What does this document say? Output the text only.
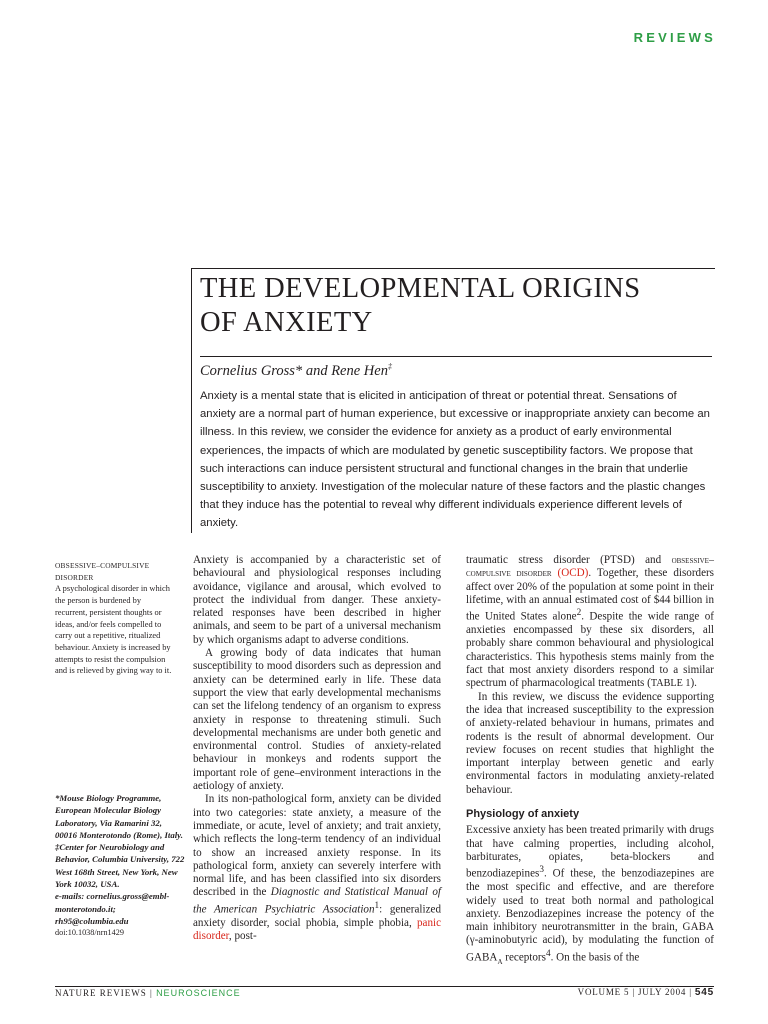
REVIEWS
THE DEVELOPMENTAL ORIGINS
OF ANXIETY
Cornelius Gross* and Rene Hen‡
Anxiety is a mental state that is elicited in anticipation of threat or potential threat. Sensations of anxiety are a normal part of human experience, but excessive or inappropriate anxiety can become an illness. In this review, we consider the evidence for anxiety as a product of early environmental experiences, the impacts of which are modulated by genetic susceptibility factors. We propose that such interactions can induce persistent structural and functional changes in the brain that underlie susceptibility to anxiety. Investigation of the molecular nature of these factors and the plastic changes that they induce has the potential to reveal why different individuals experience different levels of anxiety.
OBSESSIVE–COMPULSIVE DISORDER
A psychological disorder in which the person is burdened by recurrent, persistent thoughts or ideas, and/or feels compelled to carry out a repetitive, ritualized behaviour. Anxiety is increased by attempts to resist the compulsion and is relieved by giving way to it.
*Mouse Biology Programme, European Molecular Biology Laboratory, Via Ramarini 32, 00016 Monterotondo (Rome), Italy.
‡Center for Neurobiology and Behavior, Columbia University, 722 West 168th Street, New York, New York 10032, USA.
e-mails: cornelius.gross@embl-monterotondo.it; rh95@columbia.edu
doi:10.1038/nrn1429

Anxiety is accompanied by a characteristic set of behavioural and physiological responses including avoidance, vigilance and arousal, which evolved to protect the individual from danger. These anxiety-related responses have been described in higher animals, and seem to be part of a universal mechanism by which organisms adapt to adverse conditions.

A growing body of data indicates that human susceptibility to mood disorders such as depression and anxiety can be determined early in life. These data support the view that early developmental mechanisms can set the lifelong tendency of an organism to express anxiety in response to threatening stimuli. Such developmental mechanisms are under both genetic and environmental control. Studies of anxiety-related behaviour in monkeys and rodents support the important role of gene–environment interactions in the aetiology of anxiety.

In its non-pathological form, anxiety can be divided into two categories: state anxiety, a measure of the immediate, or acute, level of anxiety; and trait anxiety, which reflects the long-term tendency of an individual to show an increased anxiety response. In its pathological form, anxiety can severely interfere with normal life, and has been classified into six disorders described in the Diagnostic and Statistical Manual of the American Psychiatric Association$^1$: generalized anxiety disorder, social phobia, simple phobia, panic disorder, post-

traumatic stress disorder (PTSD) and obsessive–compulsive disorder (OCD). Together, these disorders affect over 20% of the population at some point in their lifetime, with an annual estimated cost of $44 billion in the United States alone$^2$. Despite the wide range of anxieties encompassed by these six disorders, all probably share common behavioural and physiological characteristics. This hypothesis stems mainly from the fact that most anxiety disorders respond to a similar spectrum of pharmacological treatments (TABLE 1).

In this review, we discuss the evidence supporting the idea that increased susceptibility to the expression of anxiety-related behaviour in humans, primates and rodents is the result of abnormal development. Our review focuses on recent studies that highlight the important interplay between genetic and early environmental factors in modulating anxiety-related behaviour.

Physiology of anxiety

Excessive anxiety has been treated primarily with drugs that have calming properties, including alcohol, barbiturates, opiates, beta-blockers and benzodiazepines$^3$. Of these, the benzodiazepines are the most specific and effective, and are therefore widely used to treat both normal and pathological anxiety. Benzodiazepines increase the potency of the main inhibitory neurotransmitter in the brain, GABA (γ-aminobutyric acid), by modulating the function of $GABA_A$ receptors$^4$. On the basis of the

NATURE REVIEWS | NEUROSCIENCE	VOLUME 5 | JULY 2004 | 545
